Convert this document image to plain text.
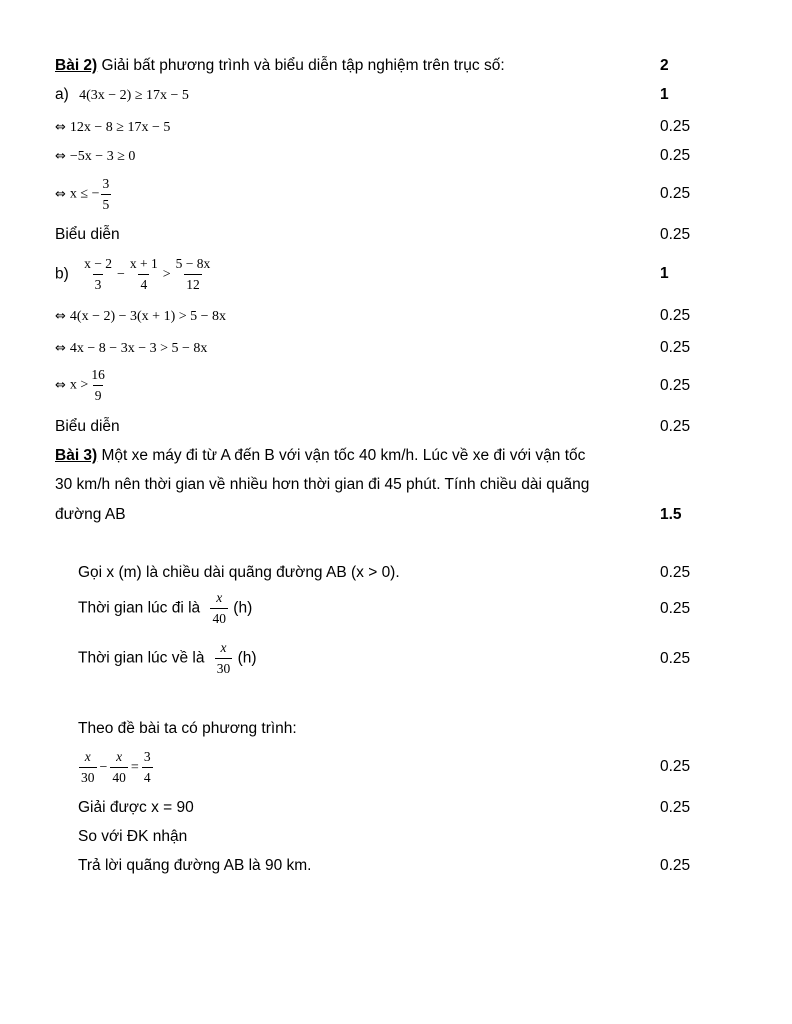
Bài 2) Giải bất phương trình và biểu diễn tập nghiệm trên trục số:	2
a) 4(3x − 2) ≥ 17x − 5	1
⇔ 12x − 8 ≥ 17x − 5	0.25
⇔ −5x − 3 ≥ 0	0.25
⇔ x ≤ − $\frac{3}{5}$	0.25
Biểu diễn	0.25
$b) \frac{x - 2}{3} - \frac{x + 1}{4} > \frac{5 - 8x}{12}$	1
⇔ 4(x − 2) − 3(x + 1) > 5 − 8x	0.25
⇔ 4x − 8 − 3x − 3 > 5 − 8x	0.25
⇔ $x > \frac{16}{9}$	0.25
Biểu diễn	0.25
Bài 3) Một xe máy đi từ A đến B với vận tốc 40 km/h. Lúc về xe đi với vận tốc
30 km/h nên thời gian về nhiều hơn thời gian đi 45 phút. Tính chiều dài quãng
đường AB	1.5
Gọi x (m) là chiều dài quãng đường AB (x > 0).	0.25
Thời gian lúc đi là $\frac{x}{40} (h)$	0.25
Thời gian lúc về là $\frac{x}{30} (h)$	0.25
Theo đề bài ta có phương trình:
$\frac{x}{30} - \frac{x}{40} = \frac{3}{4}$	0.25
Giải được x = 90	0.25
So với ĐK nhận
Trả lời quãng đường AB là 90 km.	0.25
